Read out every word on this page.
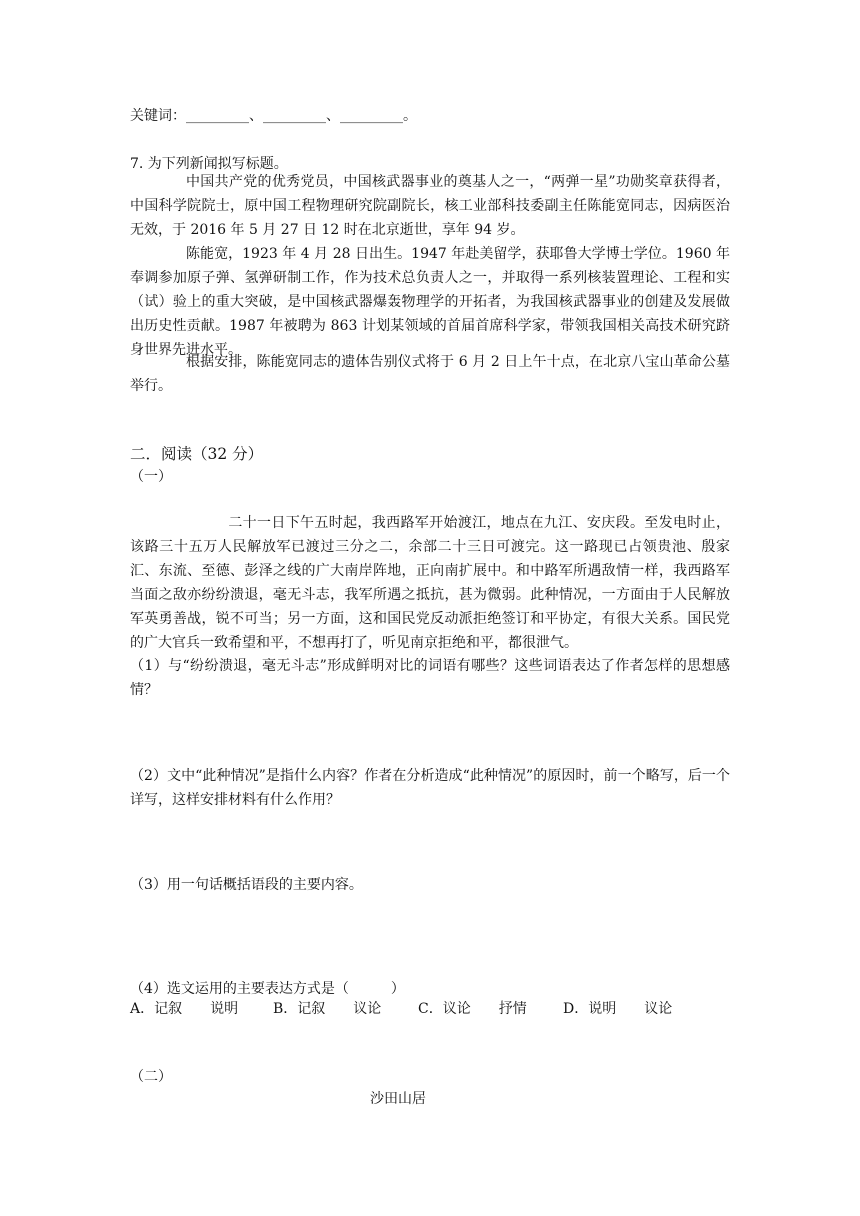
关键词：_________、_________、_________。
7. 为下列新闻拟写标题。
中国共产党的优秀党员，中国核武器事业的奠基人之一，“两弹一星”功勋奖章获得者，中国科学院院士，原中国工程物理研究院副院长，核工业部科技委副主任陈能宽同志，因病医治无效，于 2016 年 5 月 27 日 12 时在北京逝世，享年 94 岁。
陈能宽，1923 年 4 月 28 日出生。1947 年赴美留学，获耶鲁大学博士学位。1960 年奉调参加原子弹、氢弹研制工作，作为技术总负责人之一，并取得一系列核装置理论、工程和实（试）验上的重大突破，是中国核武器爆轰物理学的开拓者，为我国核武器事业的创建及发展做出历史性贡献。1987 年被聘为 863 计划某领域的首届首席科学家，带领我国相关高技术研究跻身世界先进水平。
根据安排，陈能宽同志的遗体告别仪式将于 6 月 2 日上午十点，在北京八宝山革命公墓举行。
二．阅读（32 分）
（一）
二十一日下午五时起，我西路军开始渡江，地点在九江、安庆段。至发电时止，该路三十五万人民解放军已渡过三分之二，余部二十三日可渡完。这一路现已占领贵池、殷家汇、东流、至德、彭泽之线的广大南岸阵地，正向南扩展中。和中路军所遇敌情一样，我西路军当面之敌亦纷纷溃退，毫无斗志，我军所遇之抵抗，甚为微弱。此种情况，一方面由于人民解放军英勇善战，锐不可当；另一方面，这和国民党反动派拒绝签订和平协定，有很大关系。国民党的广大官兵一致希望和平，不想再打了，听见南京拒绝和平，都很泄气。
（1）与“纷纷溃退，毫无斗志”形成鲜明对比的词语有哪些？这些词语表达了作者怎样的思想感情？
（2）文中“此种情况”是指什么内容？作者在分析造成“此种情况”的原因时，前一个略写，后一个详写，这样安排材料有什么作用？
（3）用一句话概括语段的主要内容。
（4）选文运用的主要表达方式是（　　　）
A．记叙　　说明 B．记叙　　议论	C．议论　　抒情	D．说明　　议论
（二）
沙田山居
